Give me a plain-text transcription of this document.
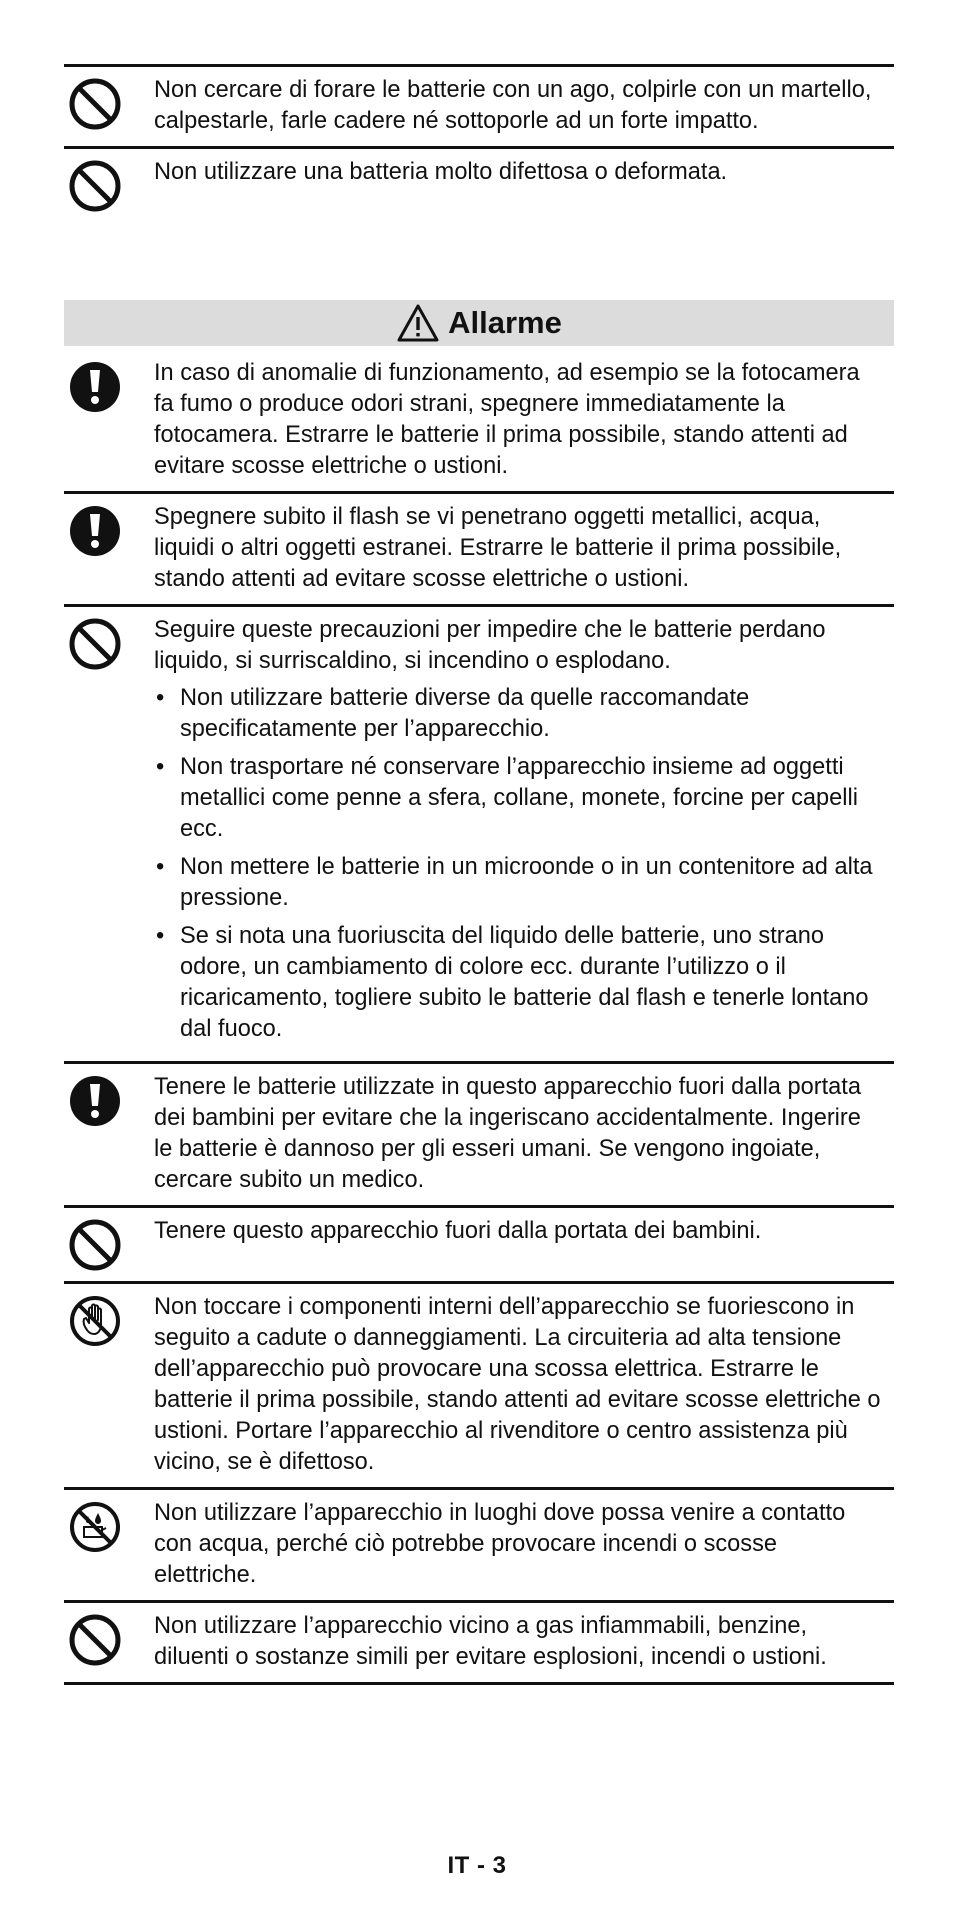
Non cercare di forare le batterie con un ago, colpirle con un martello, calpestarle, farle cadere né sottoporle ad un forte impatto.

Non utilizzare una batteria molto difettosa o deformata.

Allarme

In caso di anomalie di funzionamento, ad esempio se la fotocamera fa fumo o produce odori strani, spegnere immediatamente la fotocamera. Estrarre le batterie il prima possibile, stando attenti ad evitare scosse elettriche o ustioni.

Spegnere subito il flash se vi penetrano oggetti metallici, acqua, liquidi o altri oggetti estranei. Estrarre le batterie il prima possibile, stando attenti ad evitare scosse elettriche o ustioni.

Seguire queste precauzioni per impedire che le batterie perdano liquido, si surriscaldino, si incendino o esplodano.

• Non utilizzare batterie diverse da quelle raccomandate specificatamente per l’apparecchio.
• Non trasportare né conservare l’apparecchio insieme ad oggetti metallici come penne a sfera, collane, monete, forcine per capelli ecc.
• Non mettere le batterie in un microonde o in un contenitore ad alta pressione.
• Se si nota una fuoriuscita del liquido delle batterie, uno strano odore, un cambiamento di colore ecc. durante l’utilizzo o il ricaricamento, togliere subito le batterie dal flash e tenerle lontano dal fuoco.

Tenere le batterie utilizzate in questo apparecchio fuori dalla portata dei bambini per evitare che la ingeriscano accidentalmente. Ingerire le batterie è dannoso per gli esseri umani. Se vengono ingoiate, cercare subito un medico.

Tenere questo apparecchio fuori dalla portata dei bambini.

Non toccare i componenti interni dell’apparecchio se fuoriescono in seguito a cadute o danneggiamenti. La circuiteria ad alta tensione dell’apparecchio può provocare una scossa elettrica. Estrarre le batterie il prima possibile, stando attenti ad evitare scosse elettriche o ustioni. Portare l’apparecchio al rivenditore o centro assistenza più vicino, se è difettoso.

Non utilizzare l’apparecchio in luoghi dove possa venire a contatto con acqua, perché ciò potrebbe provocare incendi o scosse elettriche.

Non utilizzare l’apparecchio vicino a gas infiammabili, benzine, diluenti o sostanze simili per evitare esplosioni, incendi o ustioni.

IT - 3
